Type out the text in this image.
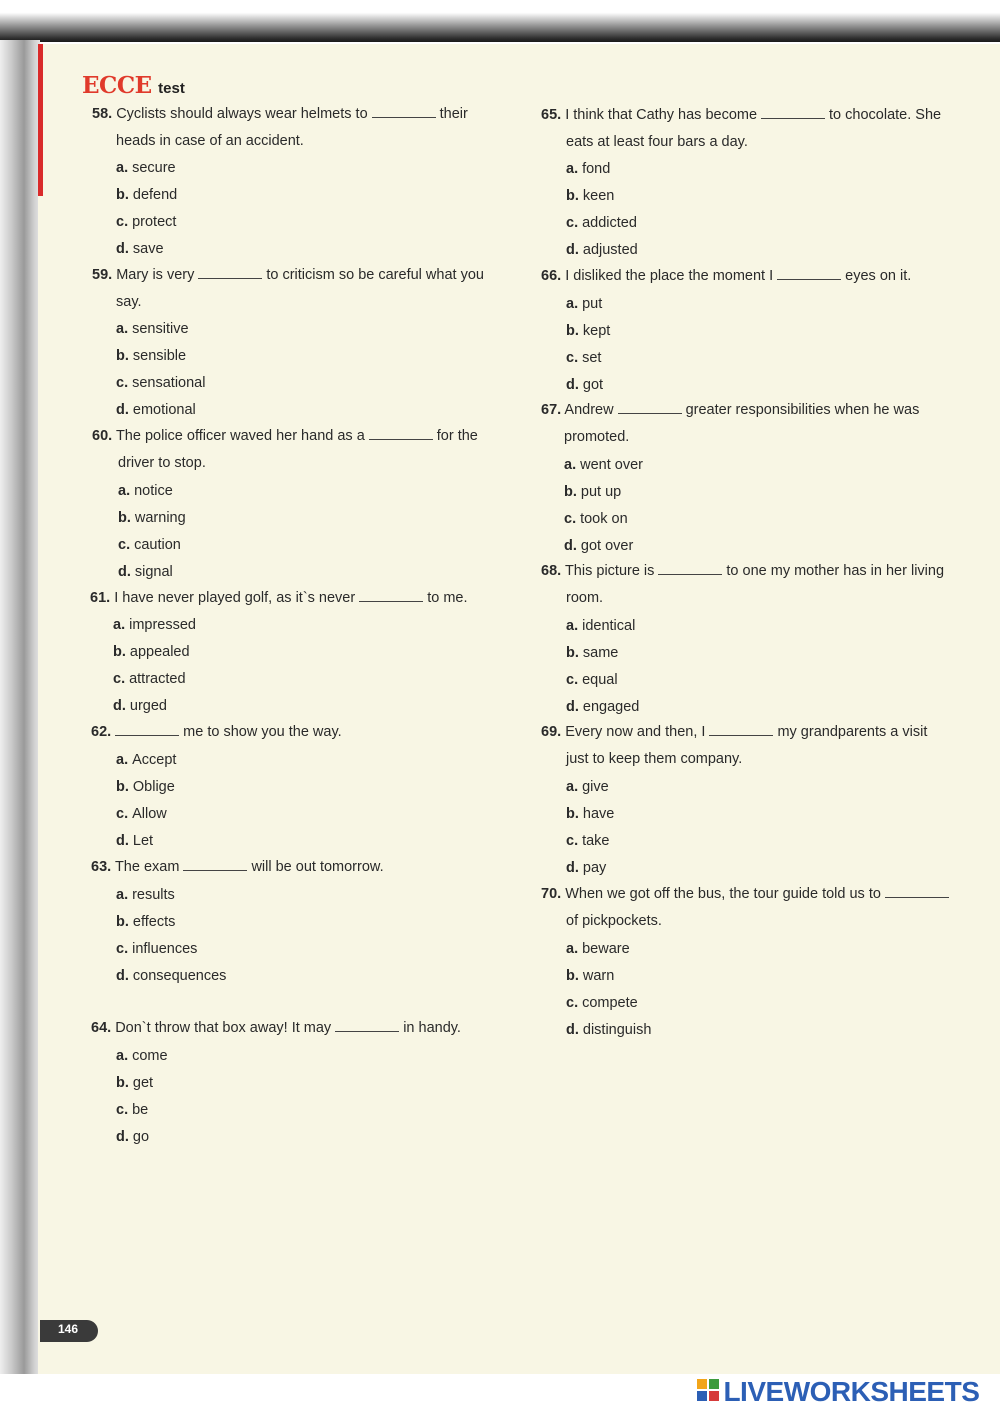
ECCE test
58. Cyclists should always wear helmets to	their
heads in case of an accident.
a. secure
b. defend
c. protect
d. save
59. Mary is very	to criticism so be careful what you
say.
a. sensitive
b. sensible
c. sensational
d. emotional
60. The police officer waved her hand as a	for the
driver to stop.
a. notice
b. warning
c. caution
d. signal
61. I have never played golf, as it`s never	to me.
a. impressed
b. appealed
c. attracted
d. urged
62.	me to show you the way.
a. Accept
b. Oblige
c. Allow
d. Let
63. The exam	will be out tomorrow.
a. results
b. effects
c. influences
d. consequences
64. Don`t throw that box away! It may	in handy.
a. come
b. get
c. be
d. go
65. I think that Cathy has become	to chocolate. She
eats at least four bars a day.
a. fond
b. keen
c. addicted
d. adjusted
66. I disliked the place the moment I	eyes on it.
a. put
b. kept
c. set
d. got
67. Andrew	greater responsibilities when he was
promoted.
a. went over
b. put up
c. took on
d. got over
68. This picture is	to one my mother has in her living
room.
a. identical
b. same
c. equal
d. engaged
69. Every now and then, I	my grandparents a visit
just to keep them company.
a. give
b. have
c. take
d. pay
70. When we got off the bus, the tour guide told us to
of pickpockets.
a. beware
b. warn
c. compete
d. distinguish
146
LIVEWORKSHEETS
